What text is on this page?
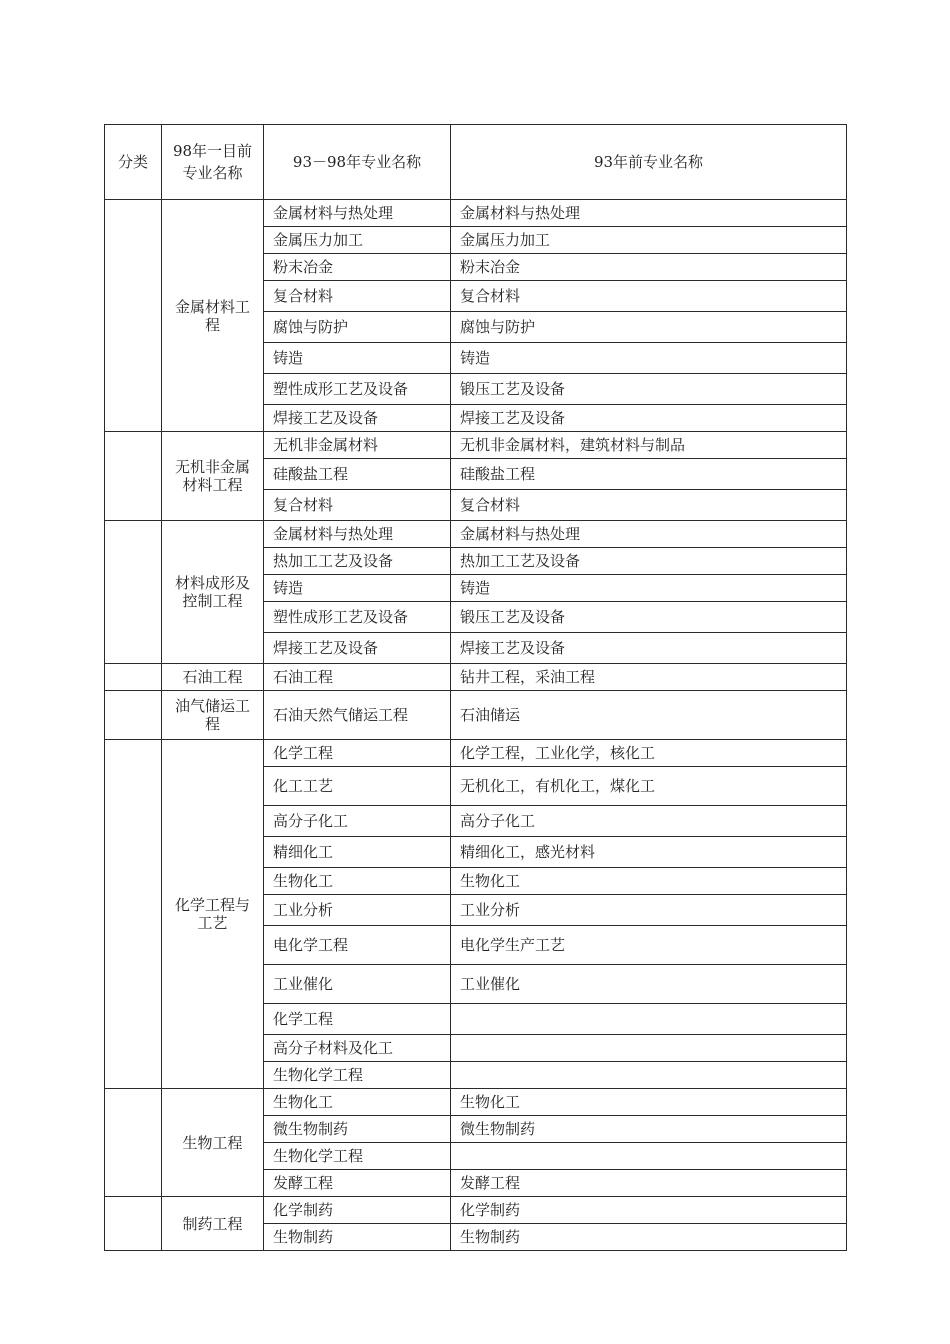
分类	98年一目前专业名称	93－98年专业名称	93年前专业名称
	金属材料工程	金属材料与热处理	金属材料与热处理
		金属压力加工	金属压力加工
		粉末冶金	粉末冶金
		复合材料	复合材料
		腐蚀与防护	腐蚀与防护
		铸造	铸造
		塑性成形工艺及设备	锻压工艺及设备
		焊接工艺及设备	焊接工艺及设备
	无机非金属材料工程	无机非金属材料	无机非金属材料，建筑材料与制品
		硅酸盐工程	硅酸盐工程
		复合材料	复合材料
	材料成形及控制工程	金属材料与热处理	金属材料与热处理
		热加工工艺及设备	热加工工艺及设备
		铸造	铸造
		塑性成形工艺及设备	锻压工艺及设备
		焊接工艺及设备	焊接工艺及设备
	石油工程	石油工程	钻井工程，采油工程
	油气储运工程	石油天然气储运工程	石油储运
	化学工程与工艺	化学工程	化学工程，工业化学，核化工
		化工工艺	无机化工，有机化工，煤化工
		高分子化工	高分子化工
		精细化工	精细化工，感光材料
		生物化工	生物化工
		工业分析	工业分析
		电化学工程	电化学生产工艺
		工业催化	工业催化
		化学工程	
		高分子材料及化工	
		生物化学工程	
	生物工程	生物化工	生物化工
		微生物制药	微生物制药
		生物化学工程	
		发酵工程	发酵工程
	制药工程	化学制药	化学制药
		生物制药	生物制药
